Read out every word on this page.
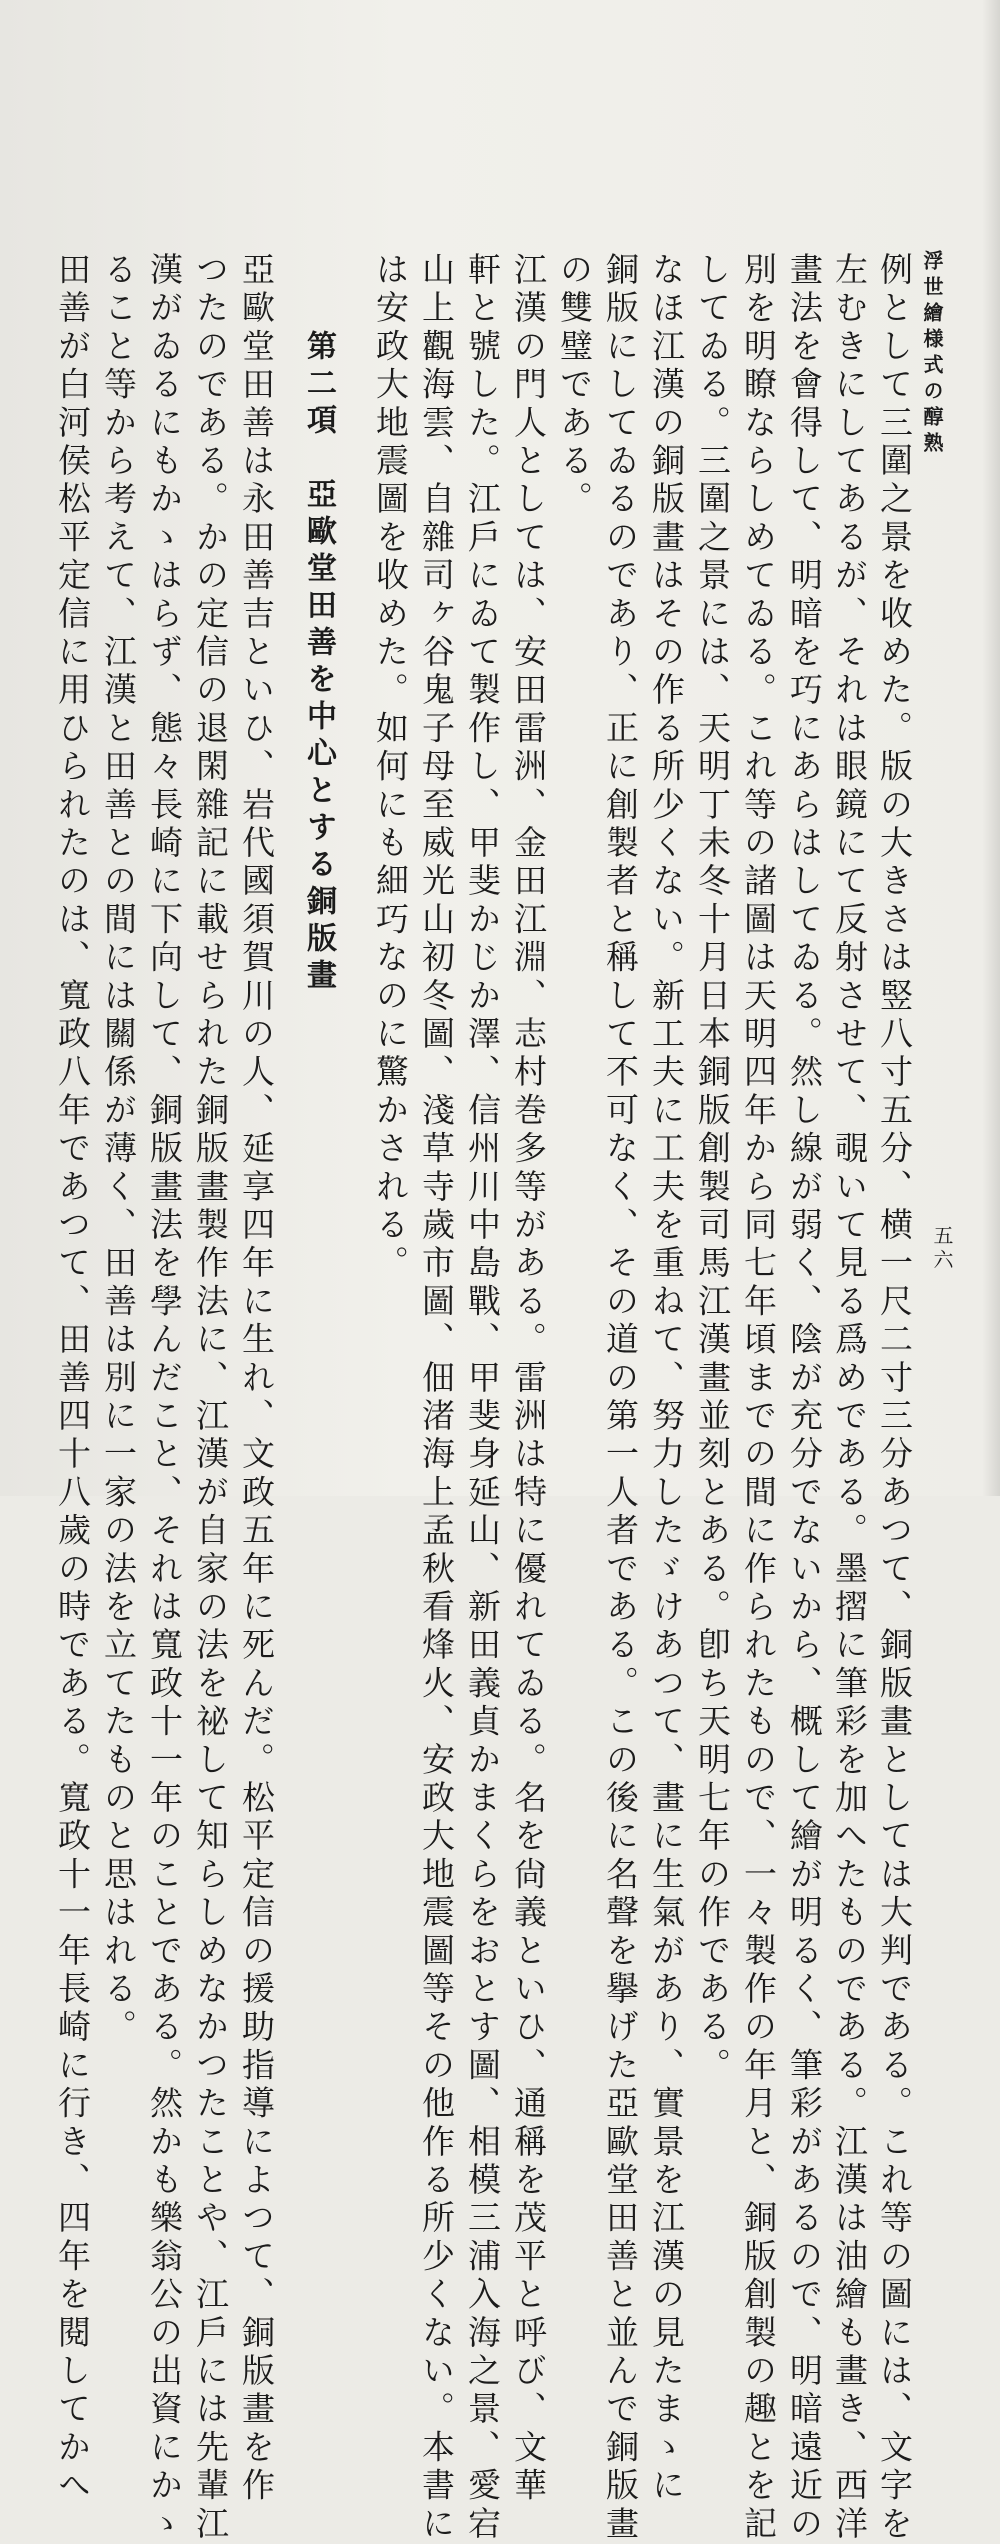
浮世繪様式の醇熟
五六
例として三圍之景を收めた。版の大きさは竪八寸五分、横一尺二寸三分あつて、銅版畫としては大判である。これ等の圖には、文字を
左むきにしてあるが、それは眼鏡にて反射させて、覗いて見る爲めである。墨摺に筆彩を加へたものである。江漢は油繪も畫き、西洋
畫法を會得して、明暗を巧にあらはしてゐる。然し線が弱く、陰が充分でないから、概して繪が明るく、筆彩があるので、明暗遠近の
別を明瞭ならしめてゐる。これ等の諸圖は天明四年から同七年頃までの間に作られたもので、一々製作の年月と、銅版創製の趣とを記
してゐる。三圍之景には、天明丁未冬十月日本銅版創製司馬江漢畫並刻とある。卽ち天明七年の作である。
なほ江漢の銅版畫はその作る所少くない。新工夫に工夫を重ねて、努力したゞけあつて、畫に生氣があり、實景を江漢の見たまゝに
銅版にしてゐるのであり、正に創製者と稱して不可なく、その道の第一人者である。この後に名聲を擧げた亞歐堂田善と並んで銅版畫
の雙璧である。
江漢の門人としては、安田雷洲、金田江淵、志村巻多等がある。雷洲は特に優れてゐる。名を尙義といひ、通稱を茂平と呼び、文華
軒と號した。江戶にゐて製作し、甲斐かじか澤、信州川中島戰、甲斐身延山、新田義貞かまくらをおとす圖、相模三浦入海之景、愛宕
山上觀海雲、自雜司ヶ谷鬼子母至威光山初冬圖、淺草寺歲市圖、佃渚海上孟秋看烽火、安政大地震圖等その他作る所少くない。本書に
は安政大地震圖を收めた。如何にも細巧なのに驚かされる。
第二項　亞歐堂田善を中心とする銅版畫
亞歐堂田善は永田善吉といひ、岩代國須賀川の人、延享四年に生れ、文政五年に死んだ。松平定信の援助指導によつて、銅版畫を作
つたのである。かの定信の退閑雜記に載せられた銅版畫製作法に、江漢が自家の法を祕して知らしめなかつたことや、江戶には先輩江
漢がゐるにもかゝはらず、態々長崎に下向して、銅版畫法を學んだこと、それは寬政十一年のことである。然かも樂翁公の出資にかゝ
ること等から考えて、江漢と田善との間には關係が薄く、田善は別に一家の法を立てたものと思はれる。
田善が白河侯松平定信に用ひられたのは、寬政八年であつて、田善四十八歲の時である。寬政十一年長崎に行き、四年を閱してかへ
